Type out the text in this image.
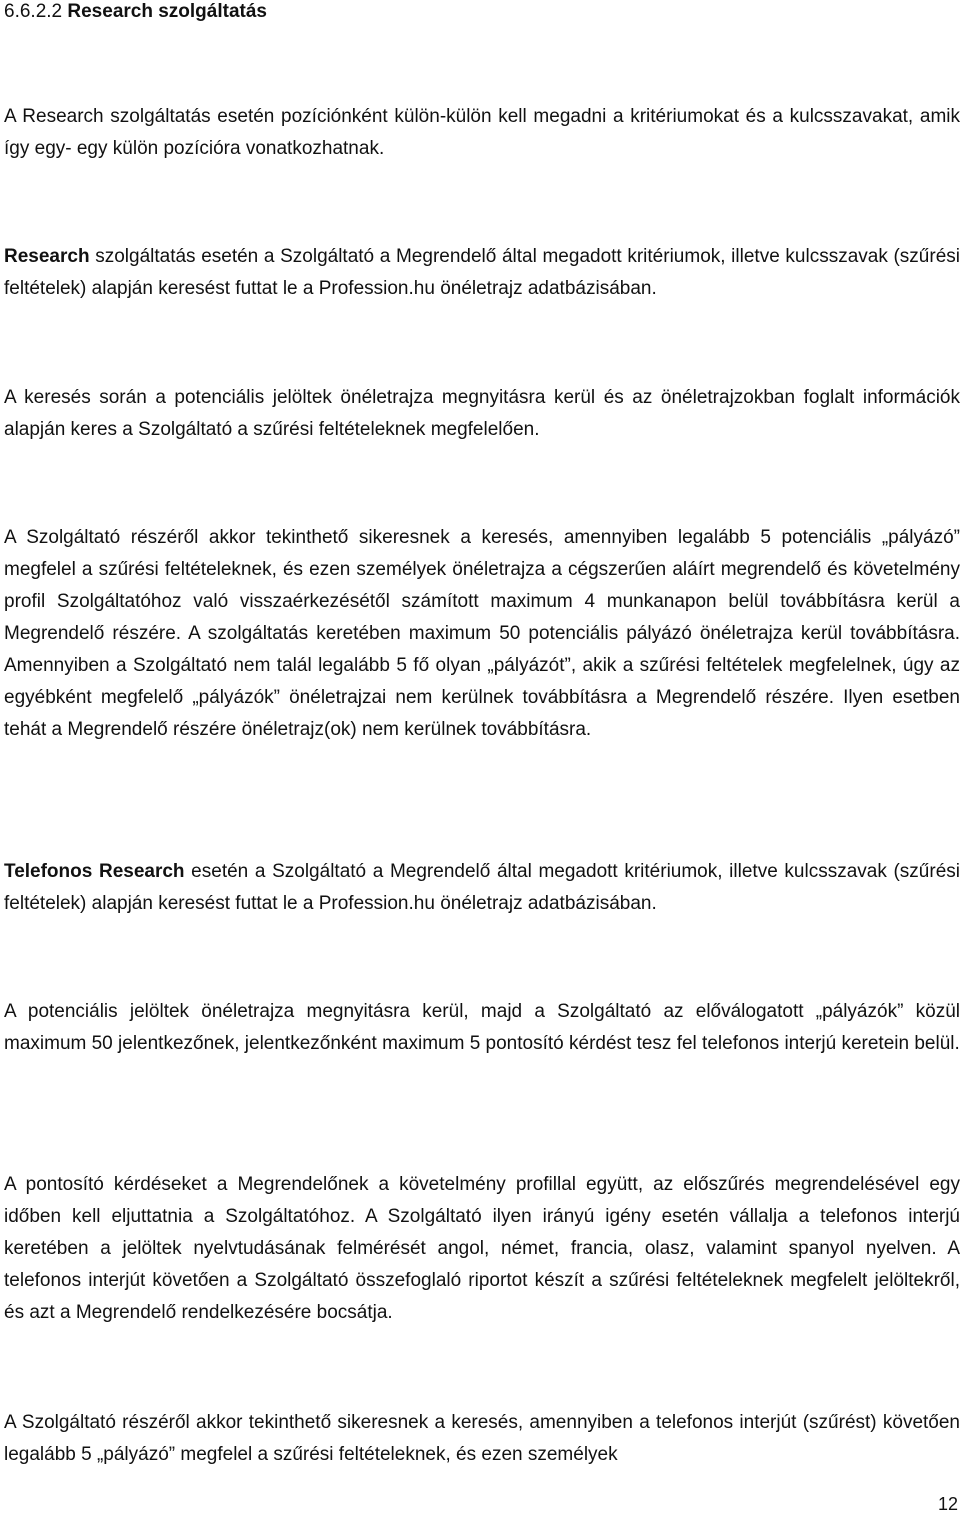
6.6.2.2 Research szolgáltatás

A Research szolgáltatás esetén pozíciónként külön-külön kell megadni a kritériumokat és a kulcsszavakat, amik így egy- egy külön pozícióra vonatkozhatnak.

Research szolgáltatás esetén a Szolgáltató a Megrendelő által megadott kritériumok, illetve kulcsszavak (szűrési feltételek) alapján keresést futtat le a Profession.hu önéletrajz adatbázisában.

A keresés során a potenciális jelöltek önéletrajza megnyitásra kerül és az önéletrajzokban foglalt információk alapján keres a Szolgáltató a szűrési feltételeknek megfelelően.

A Szolgáltató részéről akkor tekinthető sikeresnek a keresés, amennyiben legalább 5 potenciális „pályázó” megfelel a szűrési feltételeknek, és ezen személyek önéletrajza a cégszerűen aláírt megrendelő és követelmény profil Szolgáltatóhoz való visszaérkezésétől számított maximum 4 munkanapon belül továbbításra kerül a Megrendelő részére. A szolgáltatás keretében maximum 50 potenciális pályázó önéletrajza kerül továbbításra. Amennyiben a Szolgáltató nem talál legalább 5 fő olyan „pályázót”, akik a szűrési feltételek megfelelnek, úgy az egyébként megfelelő „pályázók” önéletrajzai nem kerülnek továbbításra a Megrendelő részére. Ilyen esetben tehát a Megrendelő részére önéletrajz(ok) nem kerülnek továbbításra.

Telefonos Research esetén a Szolgáltató a Megrendelő által megadott kritériumok, illetve kulcsszavak (szűrési feltételek) alapján keresést futtat le a Profession.hu önéletrajz adatbázisában.

A potenciális jelöltek önéletrajza megnyitásra kerül, majd a Szolgáltató az előválogatott „pályázók” közül maximum 50 jelentkezőnek, jelentkezőnként maximum 5 pontosító kérdést tesz fel telefonos interjú keretein belül.

A pontosító kérdéseket a Megrendelőnek a követelmény profillal együtt, az előszűrés megrendelésével egy időben kell eljuttatnia a Szolgáltatóhoz. A Szolgáltató ilyen irányú igény esetén vállalja a telefonos interjú keretében a jelöltek nyelvtudásának felmérését angol, német, francia, olasz, valamint spanyol nyelven. A telefonos interjút követően a Szolgáltató összefoglaló riportot készít a szűrési feltételeknek megfelelt jelöltekről, és azt a Megrendelő rendelkezésére bocsátja.

A Szolgáltató részéről akkor tekinthető sikeresnek a keresés, amennyiben a telefonos interjút (szűrést) követően legalább 5 „pályázó” megfelel a szűrési feltételeknek, és ezen személyek

12
